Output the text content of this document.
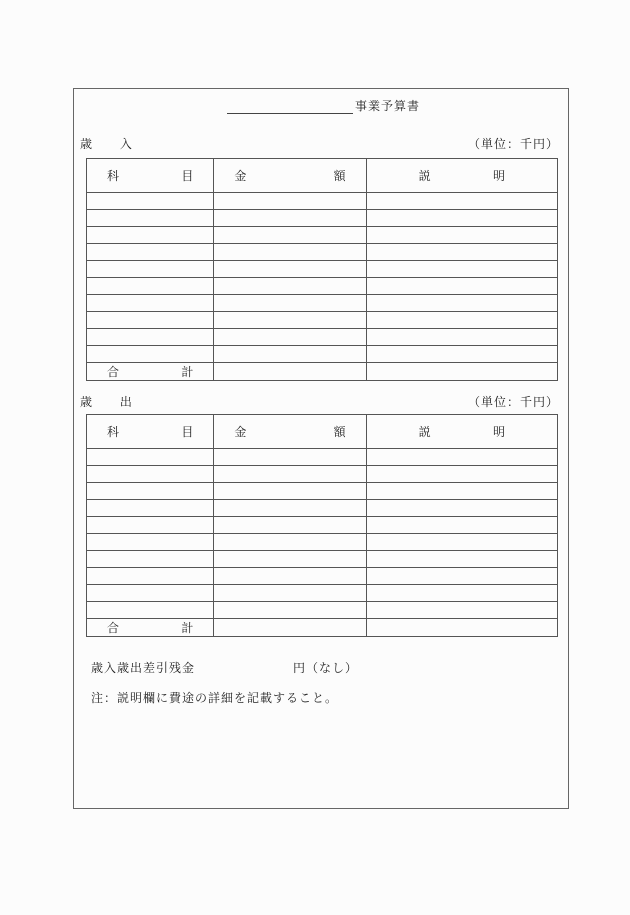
事業予算書
歳 入	（単位：千円）
科 目	金 額	説 明

合 計		

歳 出	（単位：千円）
科 目	金 額	説 明

合 計		

歳入歳出差引残金	円（なし）
注：説明欄に費途の詳細を記載すること。
